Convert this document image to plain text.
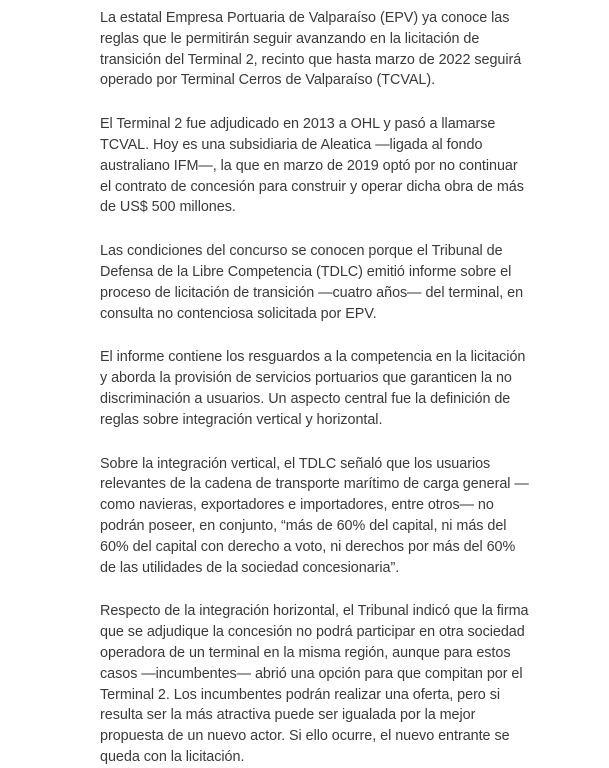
La estatal Empresa Portuaria de Valparaíso (EPV) ya conoce las reglas que le permitirán seguir avanzando en la licitación de transición del Terminal 2, recinto que hasta marzo de 2022 seguirá operado por Terminal Cerros de Valparaíso (TCVAL).

El Terminal 2 fue adjudicado en 2013 a OHL y pasó a llamarse TCVAL. Hoy es una subsidiaria de Aleatica —ligada al fondo australiano IFM—, la que en marzo de 2019 optó por no continuar el contrato de concesión para construir y operar dicha obra de más de US$ 500 millones.

Las condiciones del concurso se conocen porque el Tribunal de Defensa de la Libre Competencia (TDLC) emitió informe sobre el proceso de licitación de transición —cuatro años— del terminal, en consulta no contenciosa solicitada por EPV.

El informe contiene los resguardos a la competencia en la licitación y aborda la provisión de servicios portuarios que garanticen la no discriminación a usuarios. Un aspecto central fue la definición de reglas sobre integración vertical y horizontal.

Sobre la integración vertical, el TDLC señaló que los usuarios relevantes de la cadena de transporte marítimo de carga general —como navieras, exportadores e importadores, entre otros— no podrán poseer, en conjunto, “más de 60% del capital, ni más del 60% del capital con derecho a voto, ni derechos por más del 60% de las utilidades de la sociedad concesionaria”.

Respecto de la integración horizontal, el Tribunal indicó que la firma que se adjudique la concesión no podrá participar en otra sociedad operadora de un terminal en la misma región, aunque para estos casos —incumbentes— abrió una opción para que compitan por el Terminal 2. Los incumbentes podrán realizar una oferta, pero si resulta ser la más atractiva puede ser igualada por la mejor propuesta de un nuevo actor. Si ello ocurre, el nuevo entrante se queda con la licitación.
